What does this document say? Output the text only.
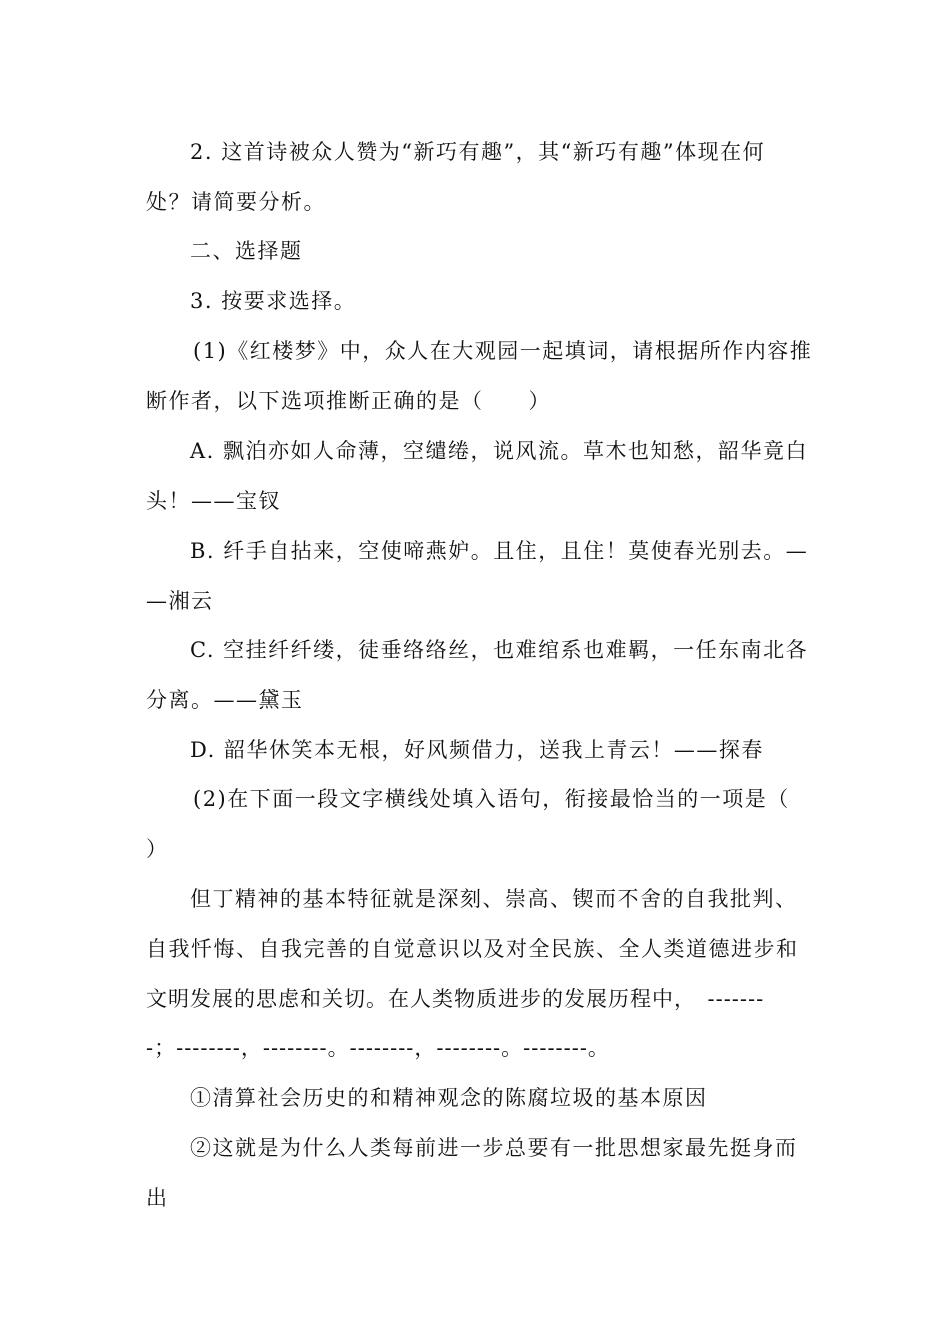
2. 这首诗被众人赞为“新巧有趣”，其“新巧有趣”体现在何
处？请简要分析。
二、选择题
3. 按要求选择。
(1)《红楼梦》中，众人在大观园一起填词，请根据所作内容推
断作者，以下选项推断正确的是（　　）
A. 飘泊亦如人命薄，空缱绻，说风流。草木也知愁，韶华竟白
头！——宝钗
B. 纤手自拈来，空使啼燕妒。且住，且住！莫使春光别去。—
—湘云
C. 空挂纤纤缕，徒垂络络丝，也难绾系也难羁，一任东南北各
分离。——黛玉
D. 韶华休笑本无根，好风频借力，送我上青云！——探春
(2)在下面一段文字横线处填入语句，衔接最恰当的一项是（
）
但丁精神的基本特征就是深刻、崇高、锲而不舍的自我批判、
自我忏悔、自我完善的自觉意识以及对全民族、全人类道德进步和
文明发展的思虑和关切。在人类物质进步的发展历程中，　-------
-；--------，--------。--------，--------。--------。
①清算社会历史的和精神观念的陈腐垃圾的基本原因
②这就是为什么人类每前进一步总要有一批思想家最先挺身而
出
